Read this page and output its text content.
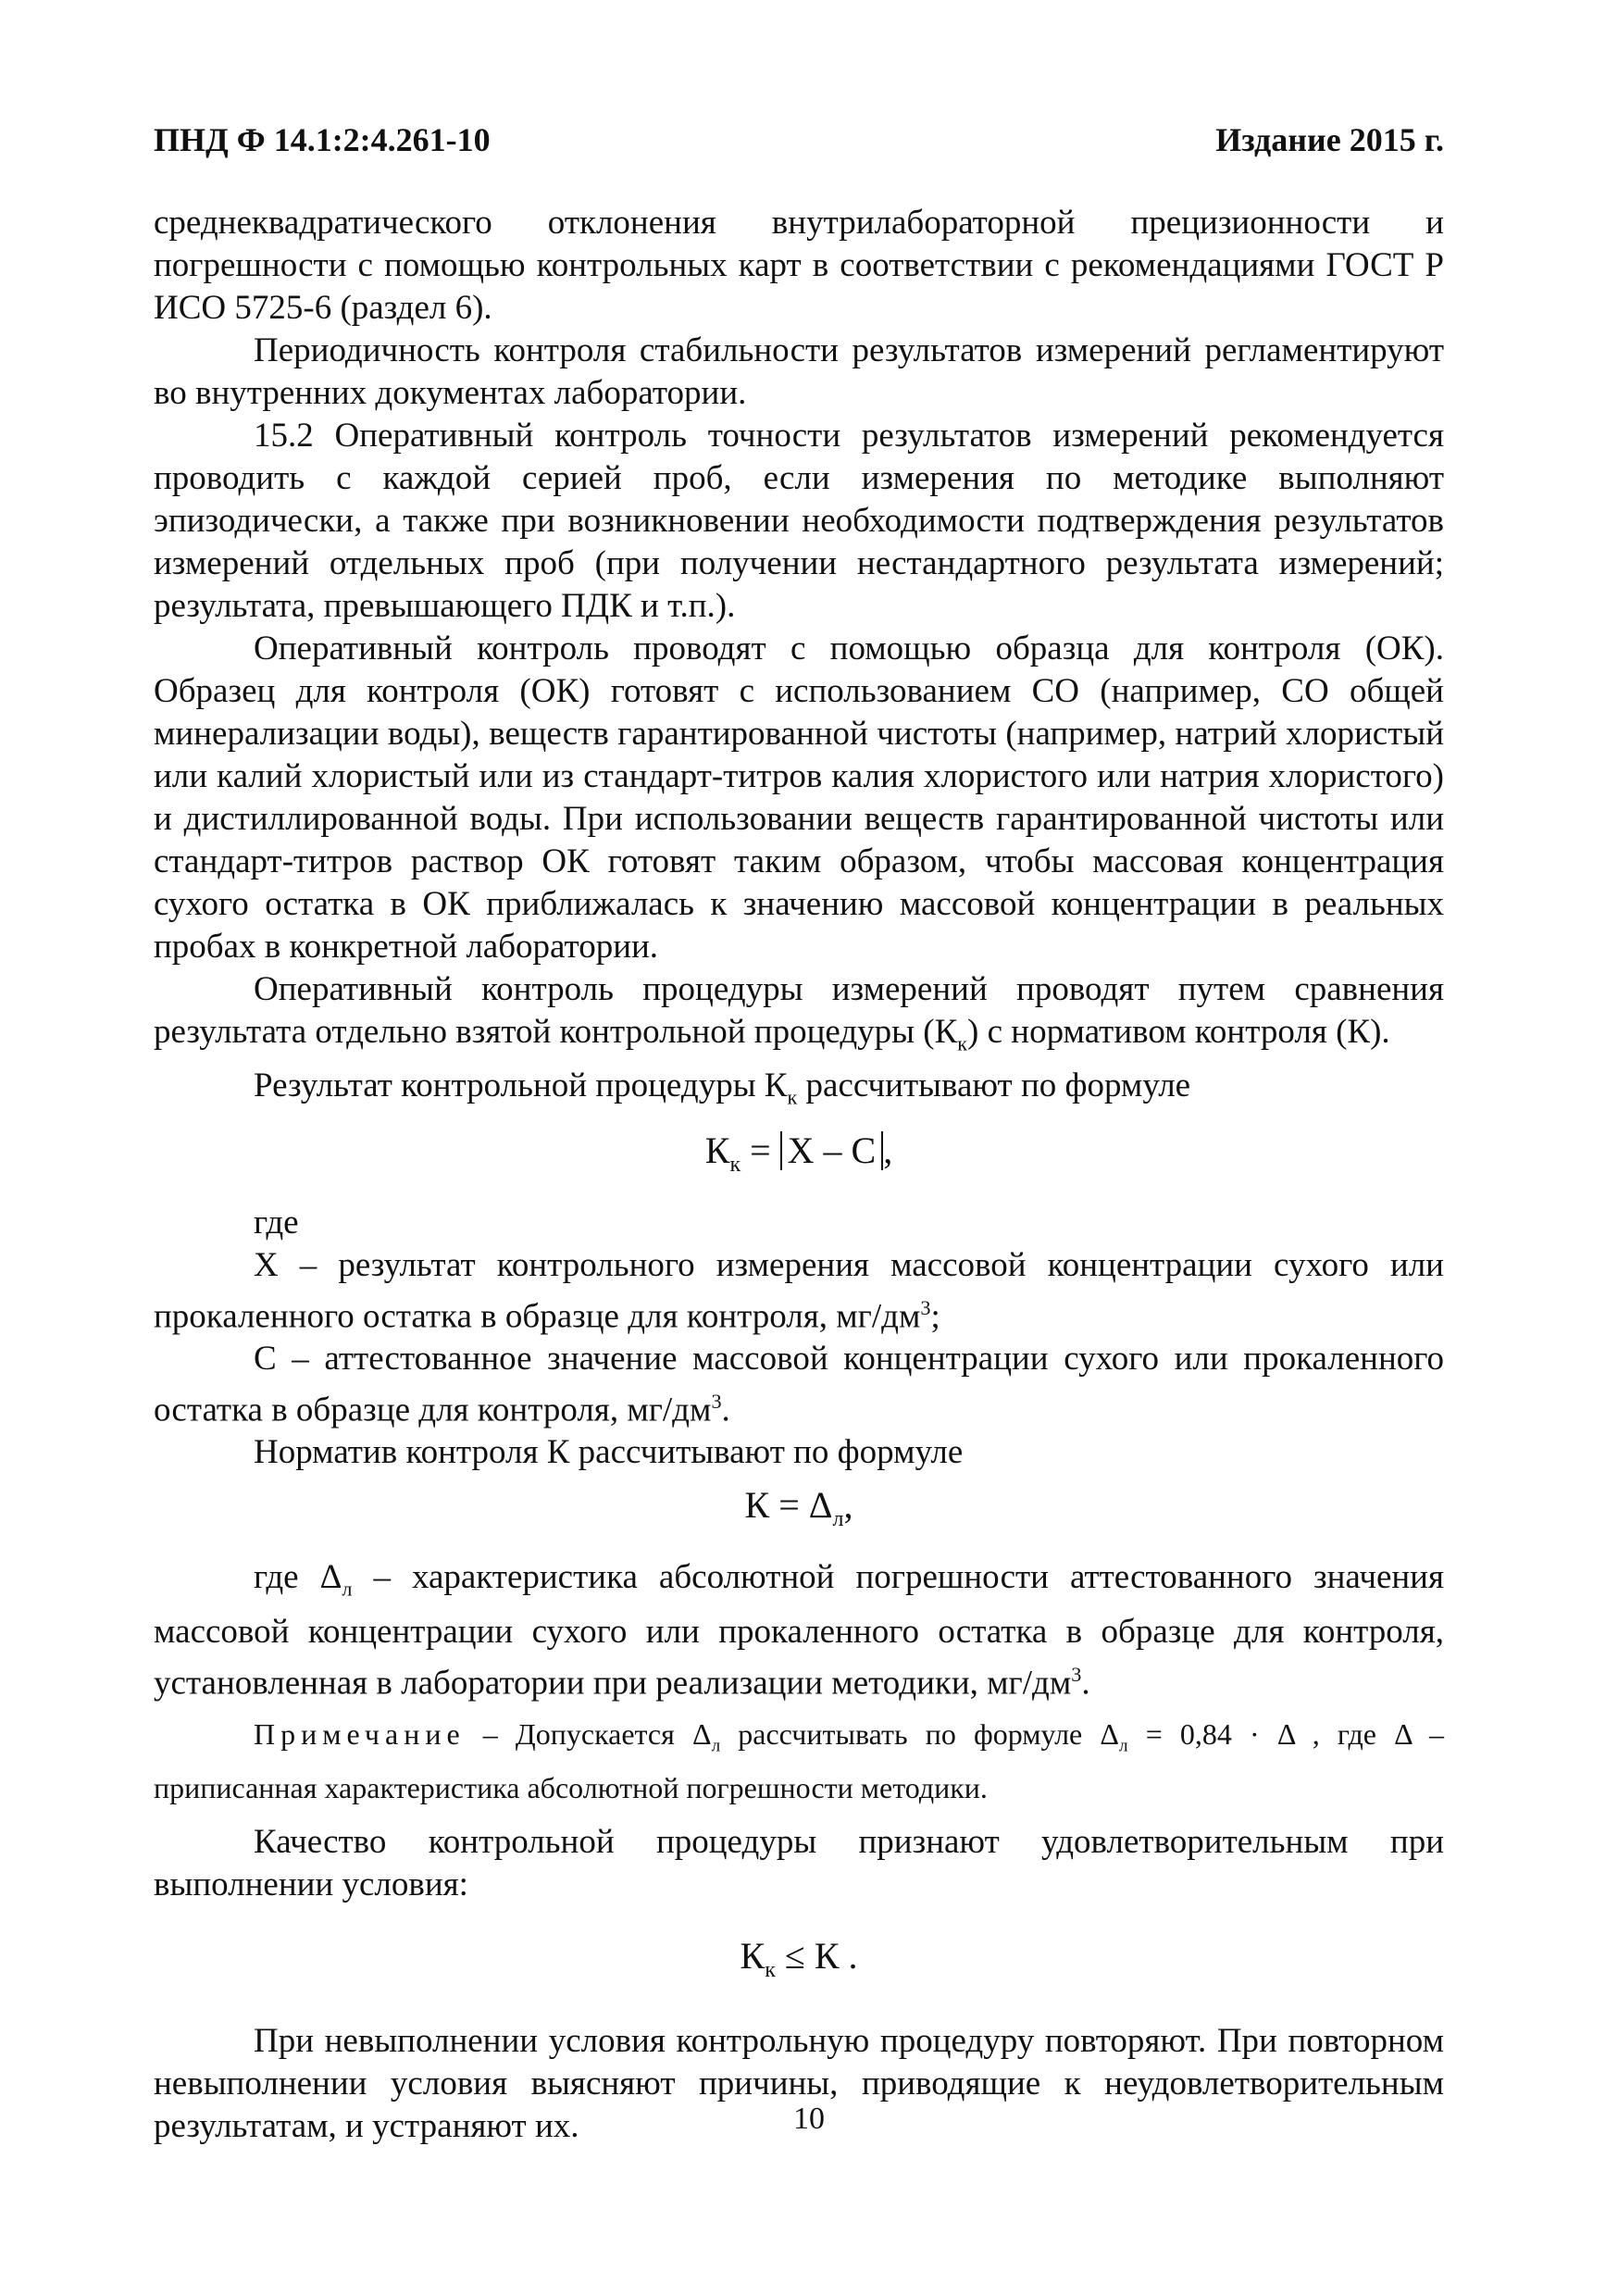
ПНД Ф 14.1:2:4.261-10	Издание 2015 г.

среднеквадратического отклонения внутрилабораторной прецизионности и погрешности с помощью контрольных карт в соответствии с рекомендациями ГОСТ Р ИСО 5725-6 (раздел 6).

Периодичность контроля стабильности результатов измерений регламентируют во внутренних документах лаборатории.

15.2 Оперативный контроль точности результатов измерений рекомендуется проводить с каждой серией проб, если измерения по методике выполняют эпизодически, а также при возникновении необходимости подтверждения результатов измерений отдельных проб (при получении нестандартного результата измерений; результата, превышающего ПДК и т.п.).

Оперативный контроль проводят с помощью образца для контроля (ОК). Образец для контроля (ОК) готовят с использованием СО (например, СО общей минерализации воды), веществ гарантированной чистоты (например, натрий хлористый или калий хлористый или из стандарт-титров калия хлористого или натрия хлористого) и дистиллированной воды. При использовании веществ гарантированной чистоты или стандарт-титров раствор ОК готовят таким образом, чтобы массовая концентрация сухого остатка в ОК приближалась к значению массовой концентрации в реальных пробах в конкретной лаборатории.

Оперативный контроль процедуры измерений проводят путем сравнения результата отдельно взятой контрольной процедуры $(К_к)$ с нормативом контроля (К).

Результат контрольной процедуры $К_к$ рассчитывают по формуле

$К_к = Х - С$ ,

где

Х – результат контрольного измерения массовой концентрации сухого или прокаленного остатка в образце для контроля, $мг/дм^3$;

С – аттестованное значение массовой концентрации сухого или прокаленного остатка в образце для контроля, $мг/дм^3$.

Норматив контроля К рассчитывают по формуле

$К = \Delta_л$,

где $\Delta_л$ – характеристика абсолютной погрешности аттестованного значения массовой концентрации сухого или прокаленного остатка в образце для контроля, установленная в лаборатории при реализации методики, $мг/дм^3$.

Примечание – Допускается $\Delta_л$ рассчитывать по формуле $\Delta_л = 0,84 \cdot \Delta$ , где Δ – приписанная характеристика абсолютной погрешности методики.

Качество контрольной процедуры признают удовлетворительным при выполнении условия:

$К_к \le К$ .

При невыполнении условия контрольную процедуру повторяют. При повторном невыполнении условия выясняют причины, приводящие к неудовлетворительным результатам, и устраняют их.	10
